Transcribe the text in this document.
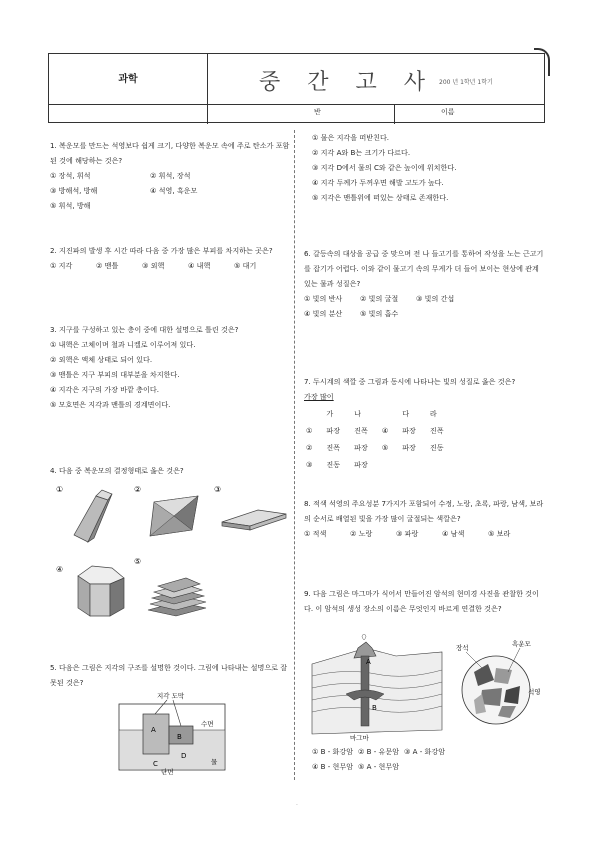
과학	중 간 고 사 200 년 1학년 1학기
반	이름

1. 복운모를 만드는 석영보다 쉽게 크기, 다양한 복운모 속에 주로 탄소가 포함된 것에 해당하는 것은?

① 장석, 휘석	② 휘석, 장석

③ 방해석, 방해	④ 석영, 흑운모

⑤ 휘석, 방해

2. 지진파의 발생 후 시간 따라 다음 중 가장 많은 부피를 차지하는 곳은?

① 지각	② 맨틀	③ 외핵	④ 내핵	⑤ 대기

3. 지구를 구성하고 있는 층이 중에 대한 설명으로 틀린 것은?

① 내핵은 고체이며 철과 니켈로 이루어져 있다.

② 외핵은 액체 상태로 되어 있다.

③ 맨틀은 지구 부피의 대부분을 차지한다.

④ 지각은 지구의 가장 바깥 층이다.

⑤ 모호면은 지각과 맨틀의 경계면이다.

4. 다음 중 복운모의 결정형태로 옳은 것은?

①	②	③
④
⑤

5. 다음은 그림은 지각의 구조를 설명한 것이다. 그림에 나타내는 설명으로 잘못된 것은?

지각 도막
A
B
C
D
수면
단면
물

① 물은 지각을 떠받친다.

② 지각 A와 B는 크기가 다르다.

③ 지각 D에서 물의 C와 같은 높이에 위치한다.

④ 지각 두께가 두꺼우면 해발 고도가 높다.

⑤ 지각은 맨틀위에 떠있는 상태로 존재한다.

6. 갈등속의 대상을 공급 중 맞으며 전 나 들고기를 통하여 작성을 노는 근고기를 잡기가 어렵다. 이와 같이 물고기 속의 무게가 더 들어 보이는 현상에 관계 있는 물과 성질은?

① 빛의 반사 ② 빛의 굴절 ③ 빛의 간섭

④ 빛의 분산 ⑤ 빛의 흡수

7. 두시계의 색깔 중 그림과 동시에 나타나는 빛의 성질로 옳은 것은?

가장 많이

	가	나		다	라
①	파장	진폭	④	파장	진폭
②	진폭	파장	⑤	파장	진동
③	진동	파장			

8. 적색 석영의 주요성분 7가지가 포함되어 수정, 노랑, 초록, 파랑, 남색, 보라의 순서로 배열된 빛을 가장 많이 굴절되는 색깔은?

① 적색	② 노랑	③ 파랑	④ 남색	⑤ 보라

9. 다음 그림은 마그마가 식어서 만들어진 암석의 현미경 사진을 관찰한 것이다. 이 암석의 생성 장소의 이름은 무엇인지 바르게 연결한 것은?

A
B
마그마
장석	흑운모
석영

① B - 화강암 ② B - 유문암 ③ A - 화강암

④ B - 현무암 ⑤ A - 현무암

.
